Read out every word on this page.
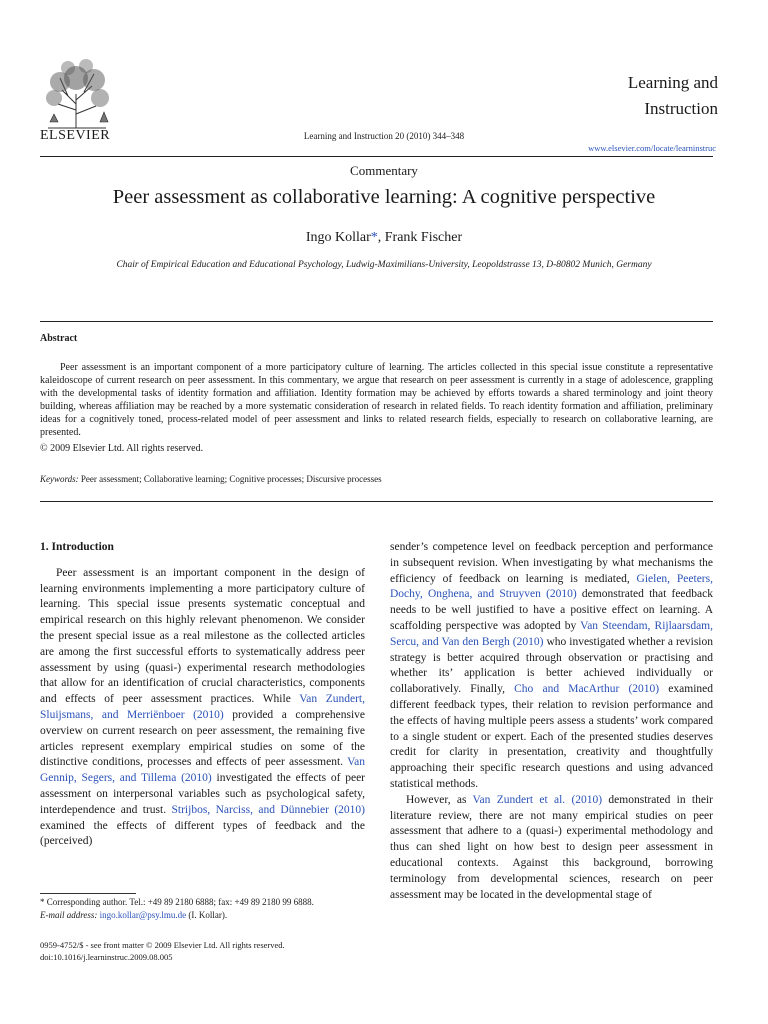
ELSEVIER	Learning and Instruction 20 (2010) 344–348
Learning and
Instruction
www.elsevier.com/locate/learninstruc
Commentary
Peer assessment as collaborative learning: A cognitive perspective
Ingo Kollar*, Frank Fischer
Chair of Empirical Education and Educational Psychology, Ludwig-Maximilians-University, Leopoldstrasse 13, D-80802 Munich, Germany
Abstract

Peer assessment is an important component of a more participatory culture of learning. The articles collected in this special issue constitute a representative kaleidoscope of current research on peer assessment. In this commentary, we argue that research on peer assessment is currently in a stage of adolescence, grappling with the developmental tasks of identity formation and affiliation. Identity formation may be achieved by efforts towards a shared terminology and joint theory building, whereas affiliation may be reached by a more systematic consideration of research in related fields. To reach identity formation and affiliation, preliminary ideas for a cognitively toned, process-related model of peer assessment and links to related research fields, especially to research on collaborative learning, are presented.

© 2009 Elsevier Ltd. All rights reserved.
Keywords: Peer assessment; Collaborative learning; Cognitive processes; Discursive processes

1. Introduction

Peer assessment is an important component in the design of learning environments implementing a more participatory culture of learning. This special issue presents systematic conceptual and empirical research on this highly relevant phenomenon. We consider the present special issue as a real milestone as the collected articles are among the first successful efforts to systematically address peer assessment by using (quasi-) experimental research methodologies that allow for an identification of crucial characteristics, components and effects of peer assessment practices. While Van Zundert, Sluijsmans, and Merriënboer (2010) provided a comprehensive overview on current research on peer assessment, the remaining five articles represent exemplary empirical studies on some of the distinctive conditions, processes and effects of peer assessment. Van Gennip, Segers, and Tillema (2010) investigated the effects of peer assessment on interpersonal variables such as psychological safety, interdependence and trust. Strijbos, Narciss, and Dünnebier (2010) examined the effects of different types of feedback and the (perceived)

sender’s competence level on feedback perception and performance in subsequent revision. When investigating by what mechanisms the efficiency of feedback on learning is mediated, Gielen, Peeters, Dochy, Onghena, and Struyven (2010) demonstrated that feedback needs to be well justified to have a positive effect on learning. A scaffolding perspective was adopted by Van Steendam, Rijlaarsdam, Sercu, and Van den Bergh (2010) who investigated whether a revision strategy is better acquired through observation or practising and whether its’ application is better achieved individually or collaboratively. Finally, Cho and MacArthur (2010) examined different feedback types, their relation to revision performance and the effects of having multiple peers assess a students’ work compared to a single student or expert. Each of the presented studies deserves credit for clarity in presentation, creativity and thoughtfully approaching their specific research questions and using advanced statistical methods.

However, as Van Zundert et al. (2010) demonstrated in their literature review, there are not many empirical studies on peer assessment that adhere to a (quasi-) experimental methodology and thus can shed light on how best to design peer assessment in educational contexts. Against this background, borrowing terminology from developmental sciences, research on peer assessment may be located in the developmental stage of

* Corresponding author. Tel.: +49 89 2180 6888; fax: +49 89 2180 99 6888.
E-mail address: ingo.kollar@psy.lmu.de (I. Kollar).
0959-4752/$ - see front matter © 2009 Elsevier Ltd. All rights reserved.
doi:10.1016/j.learninstruc.2009.08.005
